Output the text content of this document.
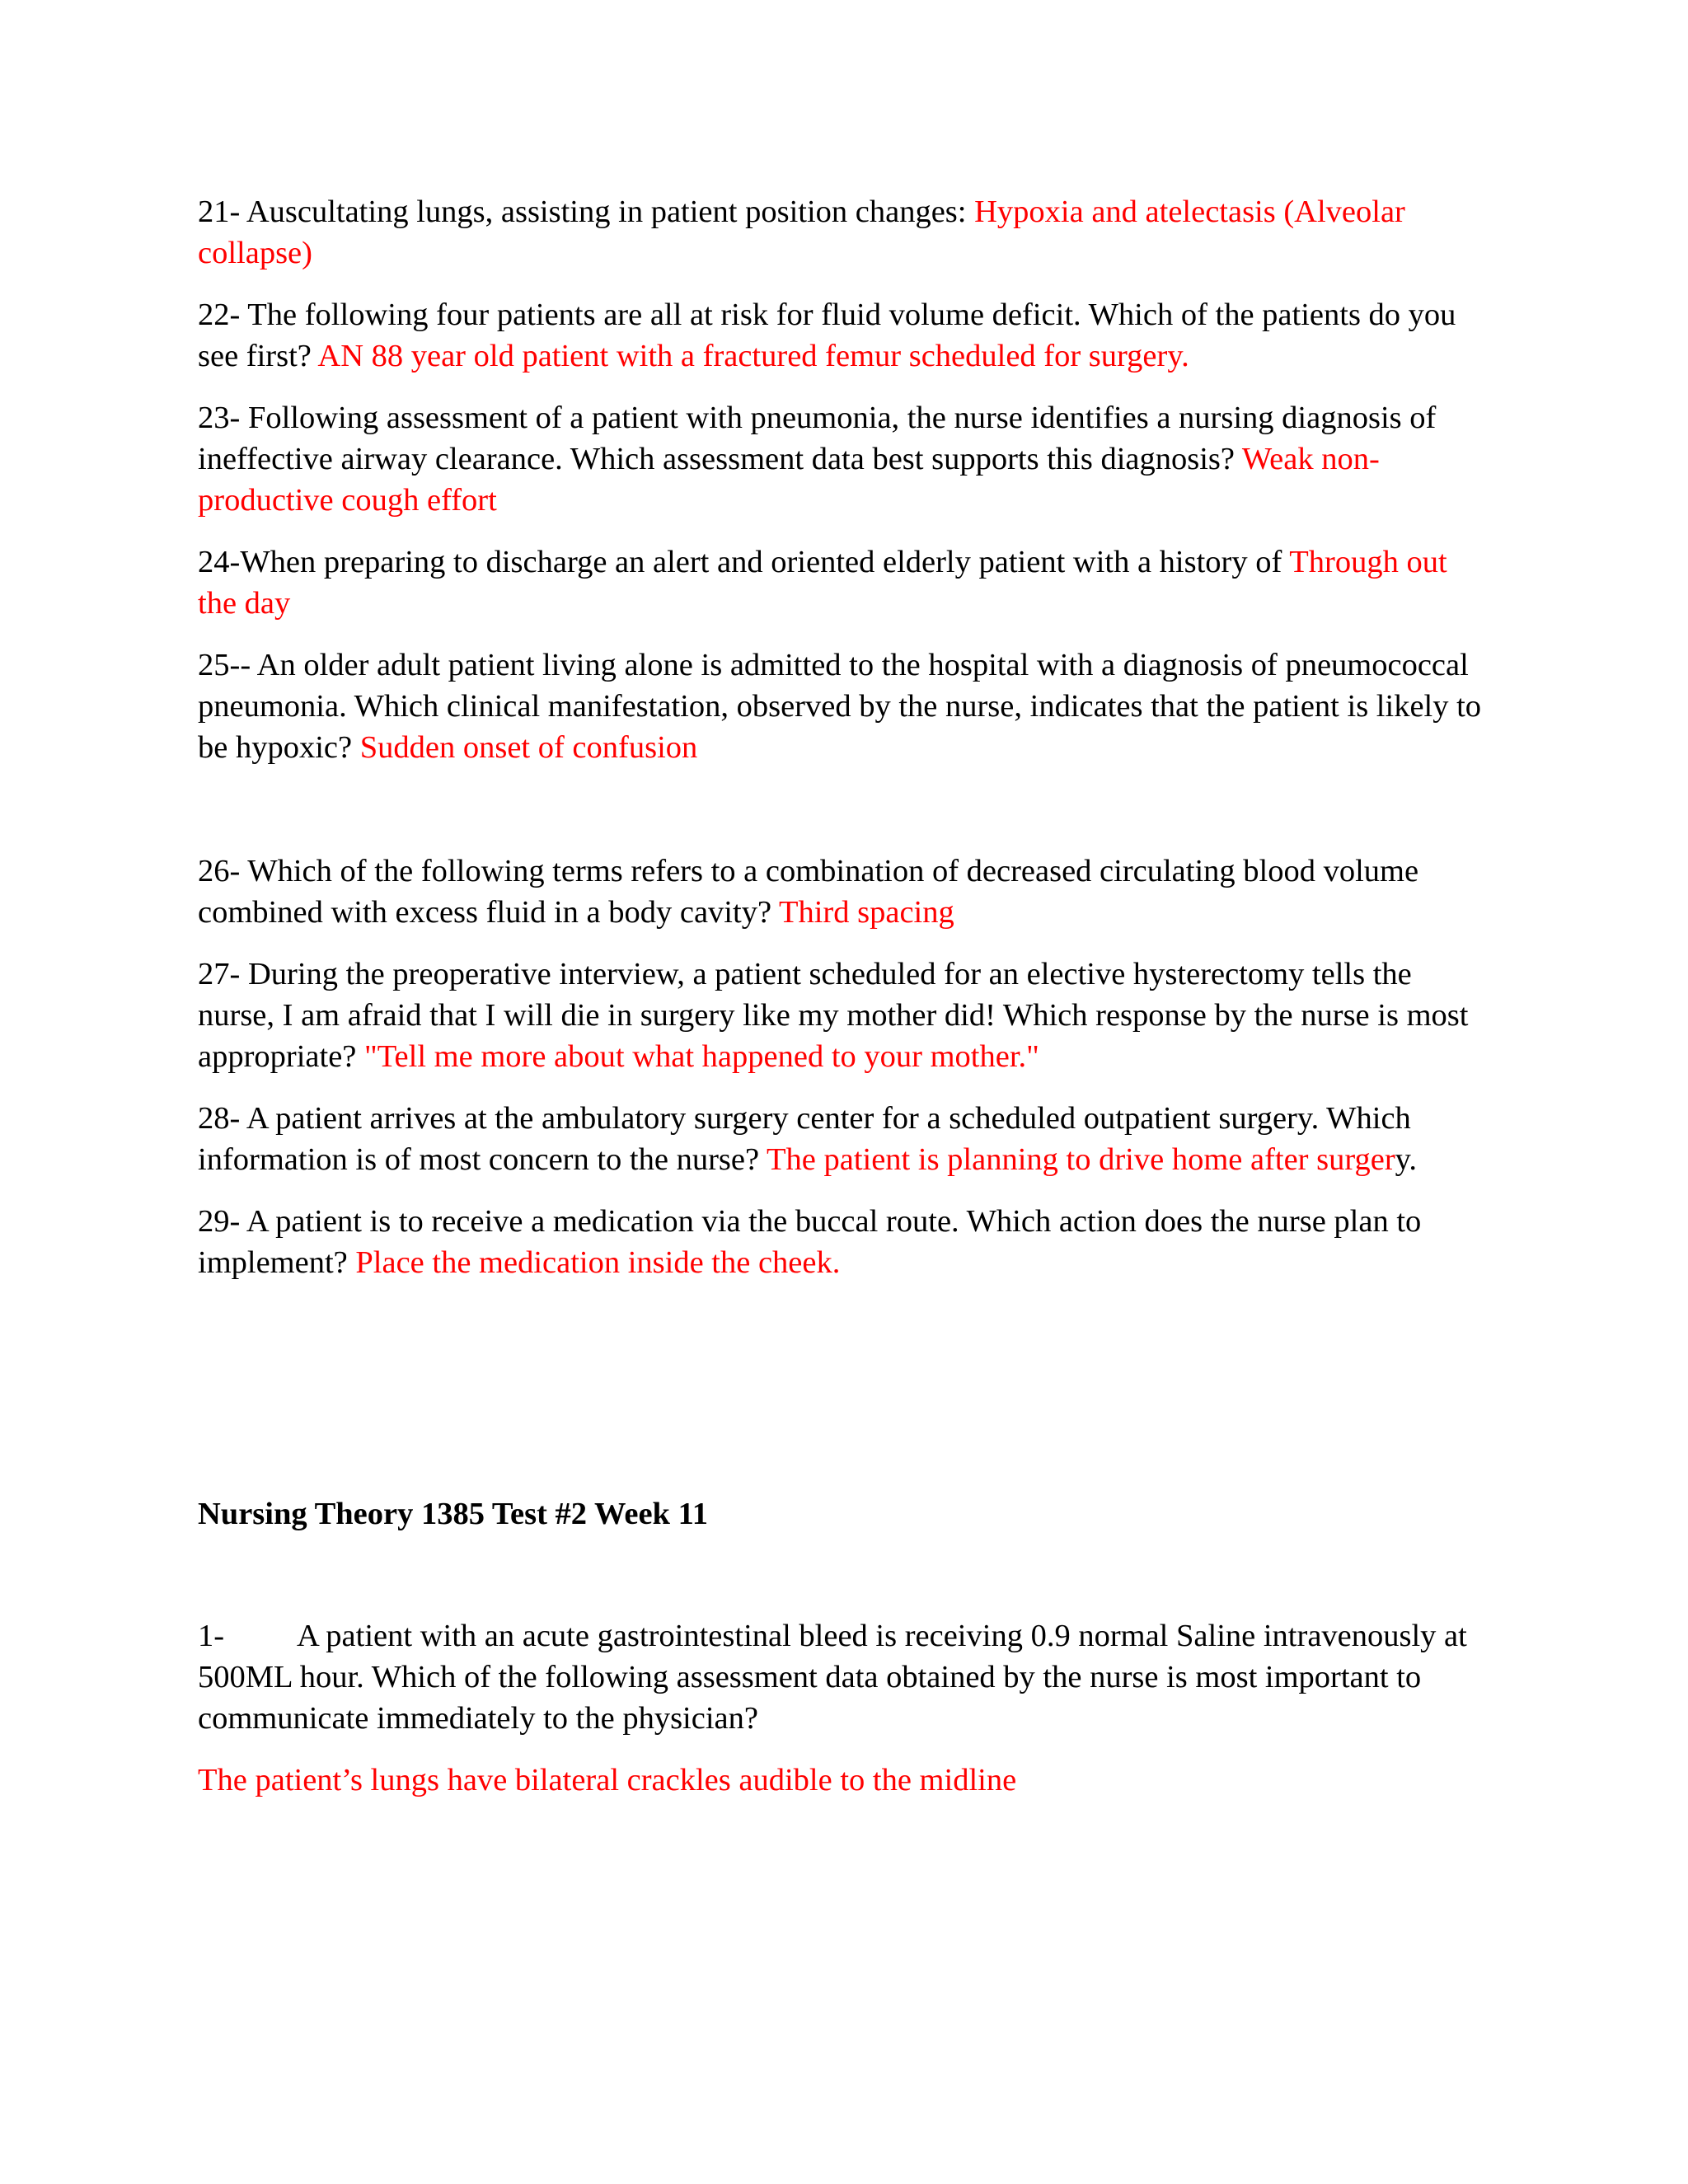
21- Auscultating lungs, assisting in patient position changes: Hypoxia and atelectasis (Alveolar collapse)

22- The following four patients are all at risk for fluid volume deficit. Which of the patients do you see first? AN 88 year old patient with a fractured femur scheduled for surgery.

23- Following assessment of a patient with pneumonia, the nurse identifies a nursing diagnosis of ineffective airway clearance. Which assessment data best supports this diagnosis? Weak non-productive cough effort

24-When preparing to discharge an alert and oriented elderly patient with a history of Through out the day

25-- An older adult patient living alone is admitted to the hospital with a diagnosis of pneumococcal pneumonia. Which clinical manifestation, observed by the nurse, indicates that the patient is likely to be hypoxic? Sudden onset of confusion

26- Which of the following terms refers to a combination of decreased circulating blood volume combined with excess fluid in a body cavity? Third spacing

27- During the preoperative interview, a patient scheduled for an elective hysterectomy tells the nurse, I am afraid that I will die in surgery like my mother did! Which response by the nurse is most appropriate? "Tell me more about what happened to your mother."

28- A patient arrives at the ambulatory surgery center for a scheduled outpatient surgery. Which information is of most concern to the nurse? The patient is planning to drive home after surgery.

29- A patient is to receive a medication via the buccal route. Which action does the nurse plan to implement? Place the medication inside the cheek.

Nursing Theory 1385 Test #2 Week 11

1- A patient with an acute gastrointestinal bleed is receiving 0.9 normal Saline intravenously at 500ML hour. Which of the following assessment data obtained by the nurse is most important to communicate immediately to the physician?

The patient’s lungs have bilateral crackles audible to the midline
